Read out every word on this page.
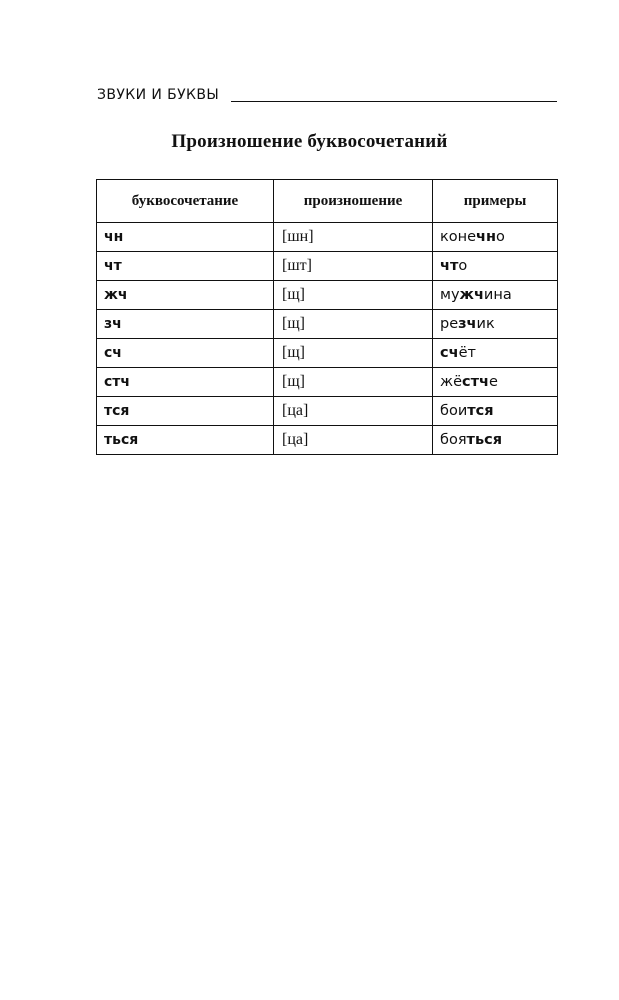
ЗВУКИ И БУКВЫ
Произношение буквосочетаний
буквосочетание	произношение	примеры
чн	[шн]	конечно
чт	[шт]	что
жч	[щ]	мужчина
зч	[щ]	резчик
сч	[щ]	счёт
стч	[щ]	жёстче
тся	[ца]	боится
ться	[ца]	бояться
